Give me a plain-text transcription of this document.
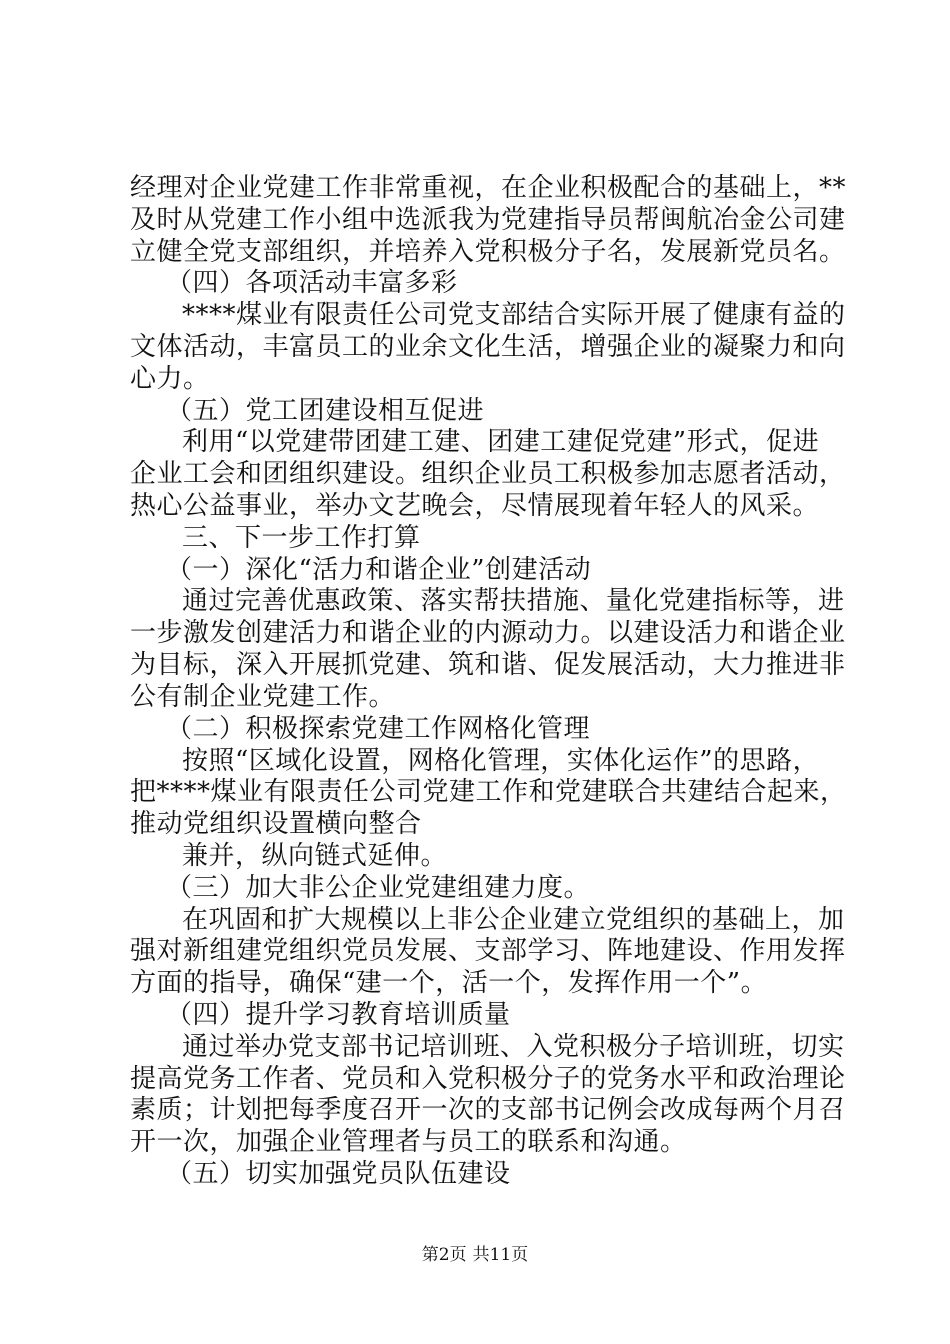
经理对企业党建工作非常重视，在企业积极配合的基础上，**
及时从党建工作小组中选派我为党建指导员帮闽航冶金公司建
立健全党支部组织，并培养入党积极分子名，发展新党员名。
（四）各项活动丰富多彩
****煤业有限责任公司党支部结合实际开展了健康有益的
文体活动，丰富员工的业余文化生活，增强企业的凝聚力和向
心力。
（五）党工团建设相互促进
利用“以党建带团建工建、团建工建促党建”形式，促进
企业工会和团组织建设。组织企业员工积极参加志愿者活动，
热心公益事业，举办文艺晚会，尽情展现着年轻人的风采。
三、下一步工作打算
（一）深化“活力和谐企业”创建活动
通过完善优惠政策、落实帮扶措施、量化党建指标等，进
一步激发创建活力和谐企业的内源动力。以建设活力和谐企业
为目标，深入开展抓党建、筑和谐、促发展活动，大力推进非
公有制企业党建工作。
（二）积极探索党建工作网格化管理
按照“区域化设置，网格化管理，实体化运作”的思路，
把****煤业有限责任公司党建工作和党建联合共建结合起来，
推动党组织设置横向整合
兼并，纵向链式延伸。
（三）加大非公企业党建组建力度。
在巩固和扩大规模以上非公企业建立党组织的基础上，加
强对新组建党组织党员发展、支部学习、阵地建设、作用发挥
方面的指导，确保“建一个，活一个，发挥作用一个”。
（四）提升学习教育培训质量
通过举办党支部书记培训班、入党积极分子培训班，切实
提高党务工作者、党员和入党积极分子的党务水平和政治理论
素质；计划把每季度召开一次的支部书记例会改成每两个月召
开一次，加强企业管理者与员工的联系和沟通。
（五）切实加强党员队伍建设
第2页 共11页
